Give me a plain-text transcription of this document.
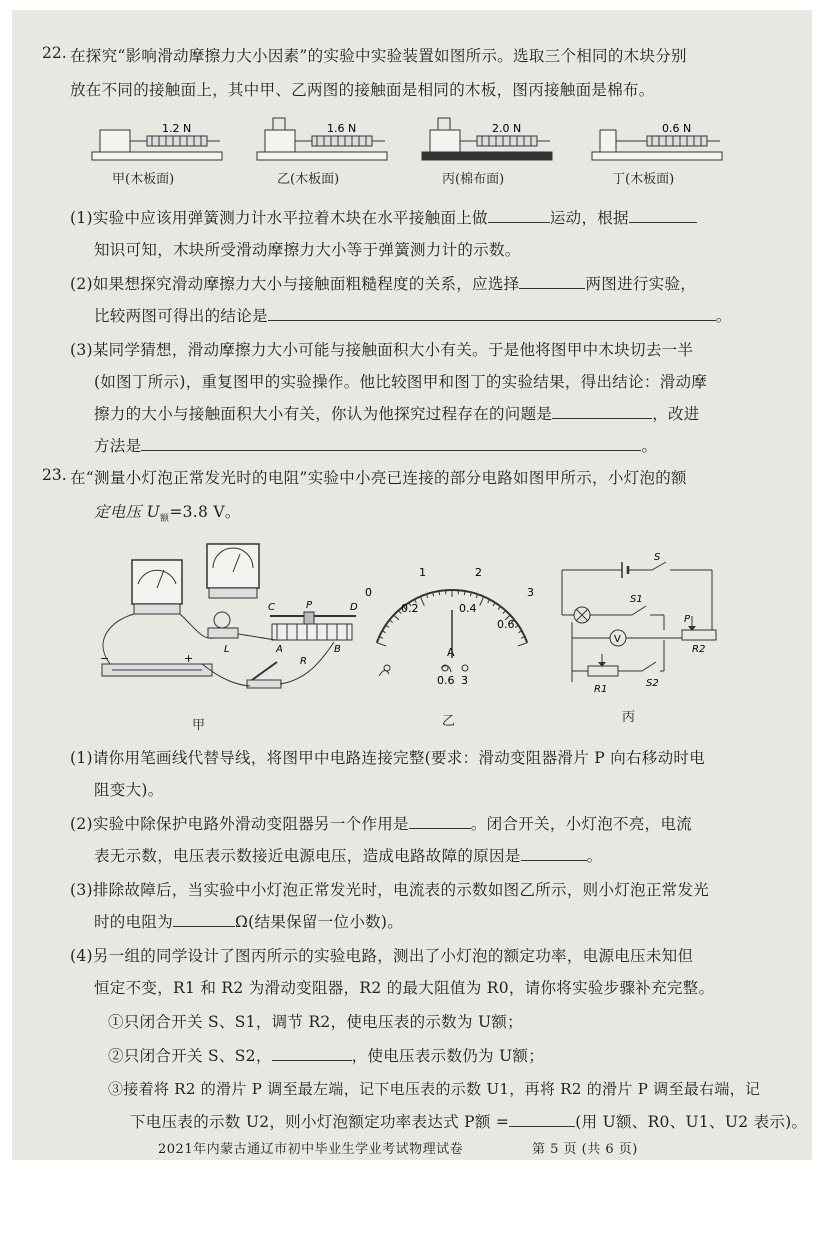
22. 在探究“影响滑动摩擦力大小因素”的实验中实验装置如图所示。选取三个相同的木块分别
放在不同的接触面上，其中甲、乙两图的接触面是相同的木板，图丙接触面是棉布。
1.2 N	1.6 N	2.0 N	0.6 N
甲(木板面)	乙(木板面)	丙(棉布面)	丁(木板面)
(1)实验中应该用弹簧测力计水平拉着木块在水平接触面上做	运动，根据
知识可知，木块所受滑动摩擦力大小等于弹簧测力计的示数。
(2)如果想探究滑动摩擦力大小与接触面粗糙程度的关系，应选择	两图进行实验，
比较两图可得出的结论是	。
(3)某同学猜想，滑动摩擦力大小可能与接触面积大小有关。于是他将图甲中木块切去一半
(如图丁所示)，重复图甲的实验操作。他比较图甲和图丁的实验结果，得出结论：滑动摩
擦力的大小与接触面积大小有关，你认为他探究过程存在的问题是	，改进
方法是	。
23. 在“测量小灯泡正常发光时的电阻”实验中小亮已连接的部分电路如图甲所示，小灯泡的额
定电压 $U_额=3.8$ V。
L
C	P	D
A	B
R
−	+
甲
0
1	2
3
0.2	0.4
0.6
A
0.6 3
乙
S
S1
P
R2
V
R1
S2
丙
(1)请你用笔画线代替导线，将图甲中电路连接完整(要求：滑动变阻器滑片 P 向右移动时电
阻变大)。
(2)实验中除保护电路外滑动变阻器另一个作用是	。闭合开关，小灯泡不亮，电流
表无示数，电压表示数接近电源电压，造成电路故障的原因是	。
(3)排除故障后，当实验中小灯泡正常发光时，电流表的示数如图乙所示，则小灯泡正常发光
时的电阻为	Ω(结果保留一位小数)。
(4)另一组的同学设计了图丙所示的实验电路，测出了小灯泡的额定功率，电源电压未知但
恒定不变，R1 和 R2 为滑动变阻器，R2 的最大阻值为 R0，请你将实验步骤补充完整。
①只闭合开关 S、S1，调节 R2，使电压表的示数为 U额；
②只闭合开关 S、S2，	，使电压表示数仍为 U额；
③接着将 R2 的滑片 P 调至最左端，记下电压表的示数 U1，再将 R2 的滑片 P 调至最右端，记
下电压表的示数 U2，则小灯泡额定功率表达式 P额 =	(用 U额、R0、U1、U2 表示)。
2021年内蒙古通辽市初中毕业生学业考试物理试卷	第 5 页 (共 6 页)
